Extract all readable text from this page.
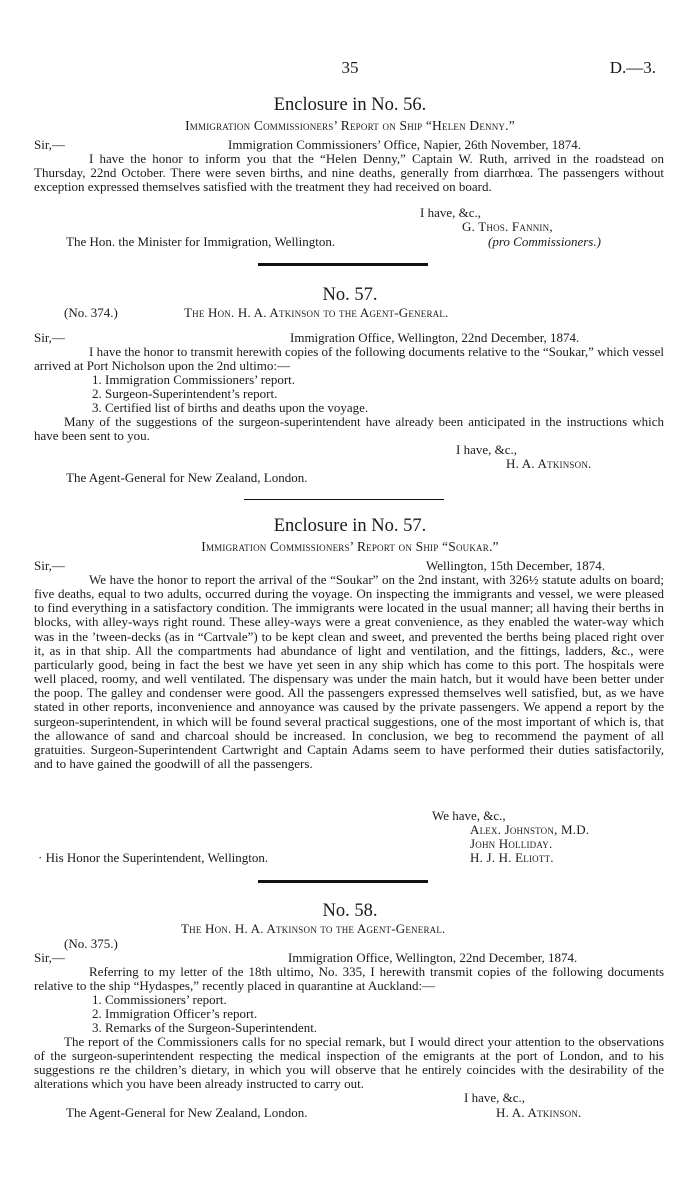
35	D.—3.
Enclosure in No. 56.
Immigration Commissioners’ Report on Ship “Helen Denny.”
Sir,—	Immigration Commissioners’ Office, Napier, 26th November, 1874.

I have the honor to inform you that the “Helen Denny,” Captain W. Ruth, arrived in the roadstead on Thursday, 22nd October. There were seven births, and nine deaths, generally from diarrhœa. The passengers without exception expressed themselves satisfied with the treatment they had received on board.

I have, &c.,
G. Thos. Fannin,
The Hon. the Minister for Immigration, Wellington.	(pro Commissioners.)
No. 57.
(No. 374.)	The Hon. H. A. Atkinson to the Agent-General.
Sir,—	Immigration Office, Wellington, 22nd December, 1874.

I have the honor to transmit herewith copies of the following documents relative to the “Soukar,” which vessel arrived at Port Nicholson upon the 2nd ultimo:—

1. Immigration Commissioners’ report.
2. Surgeon-Superintendent’s report.
3. Certified list of births and deaths upon the voyage.

Many of the suggestions of the surgeon-superintendent have already been anticipated in the instructions which have been sent to you.

I have, &c.,
H. A. Atkinson.
The Agent-General for New Zealand, London.
Enclosure in No. 57.
Immigration Commissioners’ Report on Ship “Soukar.”
Sir,—	Wellington, 15th December, 1874.

We have the honor to report the arrival of the “Soukar” on the 2nd instant, with 326½ statute adults on board; five deaths, equal to two adults, occurred during the voyage. On inspecting the immigrants and vessel, we were pleased to find everything in a satisfactory condition. The immigrants were located in the usual manner; all having their berths in blocks, with alley-ways right round. These alley-ways were a great convenience, as they enabled the water-way which was in the ’tween-decks (as in “Cartvale”) to be kept clean and sweet, and prevented the berths being placed right over it, as in that ship. All the compartments had abundance of light and ventilation, and the fittings, ladders, &c., were particularly good, being in fact the best we have yet seen in any ship which has come to this port. The hospitals were well placed, roomy, and well ventilated. The dispensary was under the main hatch, but it would have been better under the poop. The galley and condenser were good. All the passengers expressed themselves well satisfied, but, as we have stated in other reports, inconvenience and annoyance was caused by the private passengers. We append a report by the surgeon-superintendent, in which will be found several practical suggestions, one of the most important of which is, that the allowance of sand and charcoal should be increased. In conclusion, we beg to recommend the payment of all gratuities. Surgeon-Superintendent Cartwright and Captain Adams seem to have performed their duties satisfactorily, and to have gained the goodwill of all the passengers.

We have, &c.,
Alex. Johnston, M.D.
John Holliday.
· His Honor the Superintendent, Wellington.	H. J. H. Eliott.
No. 58.
The Hon. H. A. Atkinson to the Agent-General.
(No. 375.)
Sir,—	Immigration Office, Wellington, 22nd December, 1874.

Referring to my letter of the 18th ultimo, No. 335, I herewith transmit copies of the following documents relative to the ship “Hydaspes,” recently placed in quarantine at Auckland:—

1. Commissioners’ report.
2. Immigration Officer’s report.
3. Remarks of the Surgeon-Superintendent.

The report of the Commissioners calls for no special remark, but I would direct your attention to the observations of the surgeon-superintendent respecting the medical inspection of the emigrants at the port of London, and to his suggestions re the children’s dietary, in which you will observe that he entirely coincides with the desirability of the alterations which you have been already instructed to carry out.

I have, &c.,
The Agent-General for New Zealand, London.	H. A. Atkinson.
